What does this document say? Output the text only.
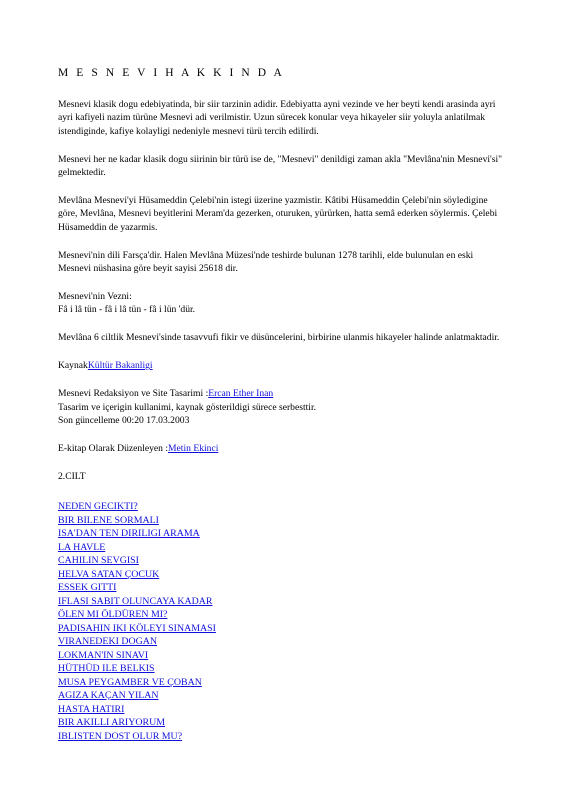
M E S N E V I H A K K I N D A

Mesnevi klasik dogu edebiyatinda, bir siir tarzinin adidir. Edebiyatta ayni vezinde ve her beyti kendi arasinda ayri ayri kafiyeli nazim türüne Mesnevi adi verilmistir. Uzun sürecek konular veya hikayeler siir yoluyla anlatilmak istendiginde, kafiye kolayligi nedeniyle mesnevi türü tercih edilirdi.

Mesnevi her ne kadar klasik dogu siirinin bir türü ise de, "Mesnevi" denildigi zaman akla "Mevlâna'nin Mesnevi'si" gelmektedir.

Mevlâna Mesnevi'yi Hüsameddin Çelebi'nin istegi üzerine yazmistir. Kâtibi Hüsameddin Çelebi'nin söyledigine göre, Mevlâna, Mesnevi beyitlerini Meram'da gezerken, oturuken, yürürken, hatta semâ ederken söylermis. Çelebi Hüsameddin de yazarmis.

Mesnevi'nin dili Farsça'dir. Halen Mevlâna Müzesi'nde teshirde bulunan 1278 tarihli, elde bulunulan en eski Mesnevi nüshasina göre beyit sayisi 25618 dir.

Mesnevi'nin Vezni:

Fâ i lâ tün - fâ i lâ tün - fâ i lün 'dür.

Mevlâna 6 ciltlik Mesnevi'sinde tasavvufi fikir ve düsüncelerini, birbirine ulanmis hikayeler halinde anlatmaktadir.

KaynakKültür Bakanligi

Mesnevi Redaksiyon ve Site Tasarimi :Ercan Ether Inan

Tasarim ve içerigin kullanimi, kaynak gösterildigi sürece serbesttir.

Son güncelleme 00:20 17.03.2003

E-kitap Olarak Düzenleyen :Metin Ekinci
2.CILT
NEDEN GECIKTI?
BIR BILENE SORMALI
ISA'DAN TEN DIRILIGI ARAMA
LA HAVLE
CAHILIN SEVGISI
HELVA SATAN ÇOCUK
ESSEK GITTI
IFLASI SABIT OLUNCAYA KADAR
ÖLEN MI ÖLDÜREN MI?
PADISAHIN IKI KÖLEYI SINAMASI
VIRANEDEKI DOGAN
LOKMAN'IN SINAVI
HÜTHÜD ILE BELKIS
MUSA PEYGAMBER VE ÇOBAN
AGIZA KAÇAN YILAN
HASTA HATIRI
BIR AKILLI ARIYORUM
IBLISTEN DOST OLUR MU?
